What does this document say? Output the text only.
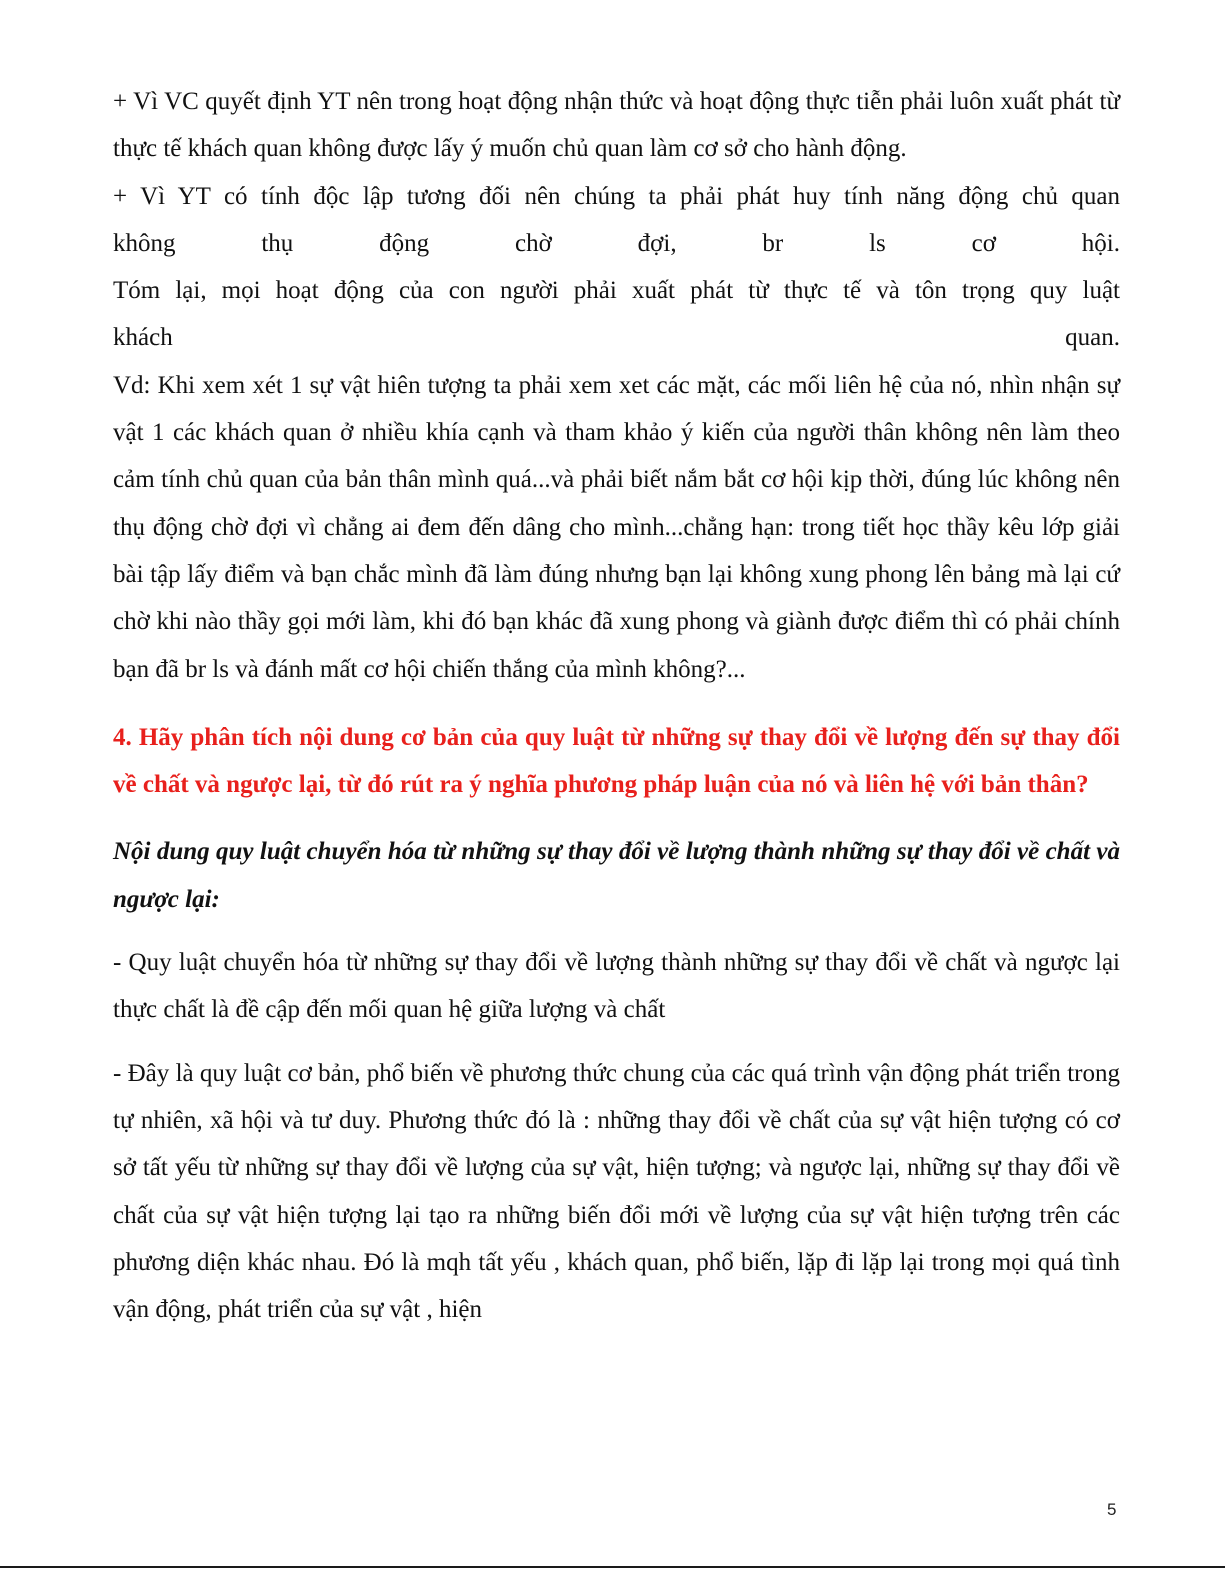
+ Vì VC quyết định YT nên trong hoạt động nhận thức và hoạt động thực tiễn phải luôn xuất phát từ thực tế khách quan không được lấy ý muốn chủ quan làm cơ sở cho hành động.

+ Vì YT có tính độc lập tương đối nên chúng ta phải phát huy tính năng động chủ quan

không thụ động chờ đợi, br ls cơ hội.

Tóm lại, mọi hoạt động của con người phải xuất phát từ thực tế và tôn trọng quy luật

khách quan.

Vd: Khi xem xét 1 sự vật hiên tượng ta phải xem xet các mặt, các mối liên hệ của nó, nhìn nhận sự vật 1 các khách quan ở nhiều khía cạnh và tham khảo ý kiến của người thân không nên làm theo cảm tính chủ quan của bản thân mình quá...và phải biết nắm bắt cơ hội kịp thời, đúng lúc không nên thụ động chờ đợi vì chẳng ai đem đến dâng cho mình...chẳng hạn: trong tiết học thầy kêu lớp giải bài tập lấy điểm và bạn chắc mình đã làm đúng nhưng bạn lại không xung phong lên bảng mà lại cứ chờ khi nào thầy gọi mới làm, khi đó bạn khác đã xung phong và giành được điểm thì có phải chính bạn đã br ls và đánh mất cơ hội chiến thắng của mình không?...

4. Hãy phân tích nội dung cơ bản của quy luật từ những sự thay đổi về lượng đến sự thay đổi về chất và ngược lại, từ đó rút ra ý nghĩa phương pháp luận của nó và liên hệ với bản thân?

Nội dung quy luật chuyển hóa từ những sự thay đổi về lượng thành những sự thay đổi về chất và ngược lại:

- Quy luật chuyển hóa từ những sự thay đổi về lượng thành những sự thay đổi về chất và ngược lại thực chất là đề cập đến mối quan hệ giữa lượng và chất

- Đây là quy luật cơ bản, phổ biến về phương thức chung của các quá trình vận động phát triển trong tự nhiên, xã hội và tư duy. Phương thức đó là : những thay đổi về chất của sự vật hiện tượng có cơ sở tất yếu từ những sự thay đổi về lượng của sự vật, hiện tượng; và ngược lại, những sự thay đổi về chất của sự vật hiện tượng lại tạo ra những biến đổi mới về lượng của sự vật hiện tượng trên các phương diện khác nhau. Đó là mqh tất yếu , khách quan, phổ biến, lặp đi lặp lại trong mọi quá tình vận động, phát triển của sự vật , hiện

5
